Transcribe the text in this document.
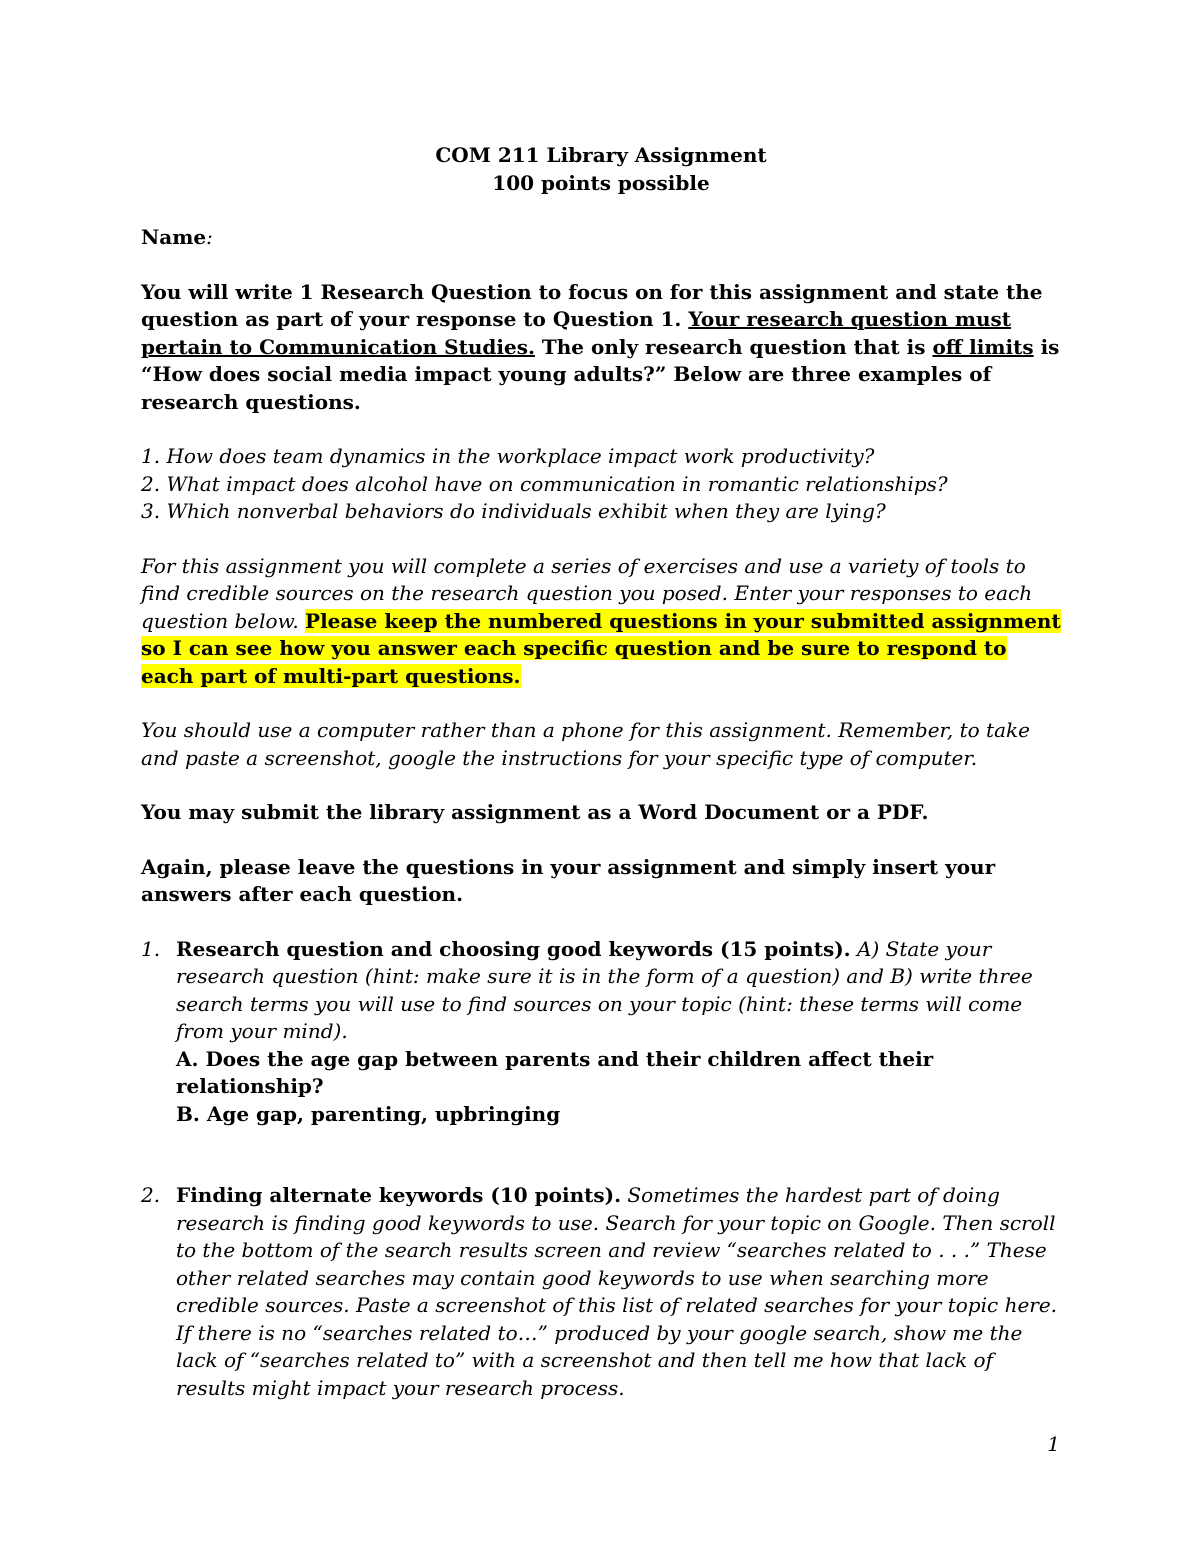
COM 211 Library Assignment
100 points possible

Name:

You will write 1 Research Question to focus on for this assignment and state the question as part of your response to Question 1. Your research question must pertain to Communication Studies. The only research question that is off limits is “How does social media impact young adults?” Below are three examples of research questions.

1. How does team dynamics in the workplace impact work productivity?

2. What impact does alcohol have on communication in romantic relationships?

3. Which nonverbal behaviors do individuals exhibit when they are lying?

For this assignment you will complete a series of exercises and use a variety of tools to find credible sources on the research question you posed. Enter your responses to each question below. Please keep the numbered questions in your submitted assignment so I can see how you answer each specific question and be sure to respond to each part of multi-part questions.

You should use a computer rather than a phone for this assignment. Remember, to take and paste a screenshot, google the instructions for your specific type of computer.

You may submit the library assignment as a Word Document or a PDF.

Again, please leave the questions in your assignment and simply insert your answers after each question.

1. Research question and choosing good keywords (15 points). A) State your research question (hint: make sure it is in the form of a question) and B) write three search terms you will use to find sources on your topic (hint: these terms will come from your mind).

A. Does the age gap between parents and their children affect their relationship?

B. Age gap, parenting, upbringing

2. Finding alternate keywords (10 points). Sometimes the hardest part of doing research is finding good keywords to use. Search for your topic on Google. Then scroll to the bottom of the search results screen and review “searches related to . . .” These other related searches may contain good keywords to use when searching more credible sources. Paste a screenshot of this list of related searches for your topic here. If there is no “searches related to…” produced by your google search, show me the lack of “searches related to” with a screenshot and then tell me how that lack of results might impact your research process.

1
